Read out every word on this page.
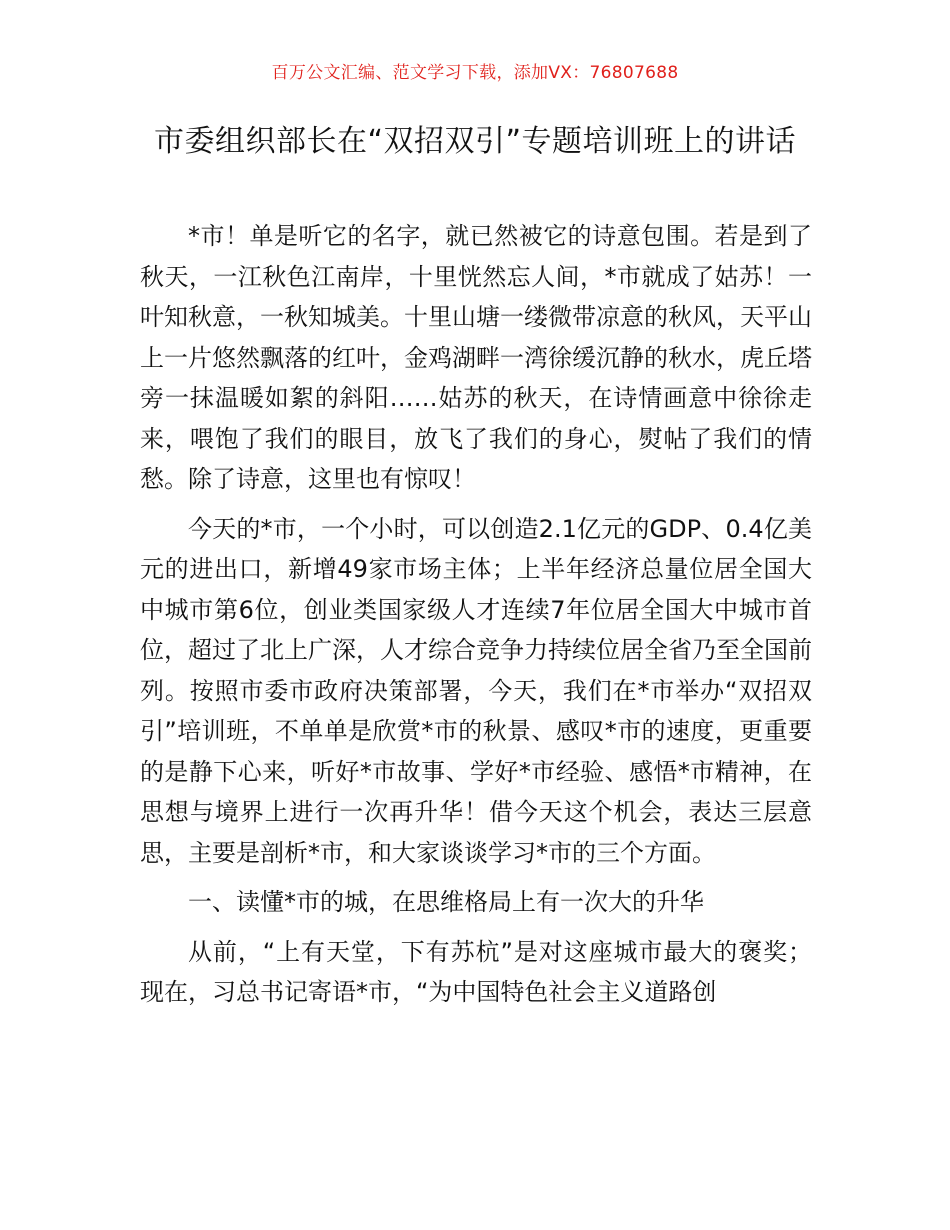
百万公文汇编、范文学习下载，添加VX：76807688
市委组织部长在“双招双引”专题培训班上的讲话

*市！单是听它的名字，就已然被它的诗意包围。若是到了秋天，一江秋色江南岸，十里恍然忘人间，*市就成了姑苏！一叶知秋意，一秋知城美。十里山塘一缕微带凉意的秋风，天平山上一片悠然飘落的红叶，金鸡湖畔一湾徐缓沉静的秋水，虎丘塔旁一抹温暖如絮的斜阳……姑苏的秋天，在诗情画意中徐徐走来，喂饱了我们的眼目，放飞了我们的身心，熨帖了我们的情愁。除了诗意，这里也有惊叹！

今天的*市，一个小时，可以创造2.1亿元的GDP、0.4亿美元的进出口，新增49家市场主体；上半年经济总量位居全国大中城市第6位，创业类国家级人才连续7年位居全国大中城市首位，超过了北上广深，人才综合竞争力持续位居全省乃至全国前列。按照市委市政府决策部署，今天，我们在*市举办“双招双引”培训班，不单单是欣赏*市的秋景、感叹*市的速度，更重要的是静下心来，听好*市故事、学好*市经验、感悟*市精神，在思想与境界上进行一次再升华！借今天这个机会，表达三层意思，主要是剖析*市，和大家谈谈学习*市的三个方面。

一、读懂*市的城，在思维格局上有一次大的升华

从前，“上有天堂，下有苏杭”是对这座城市最大的褒奖；现在，习总书记寄语*市，“为中国特色社会主义道路创
